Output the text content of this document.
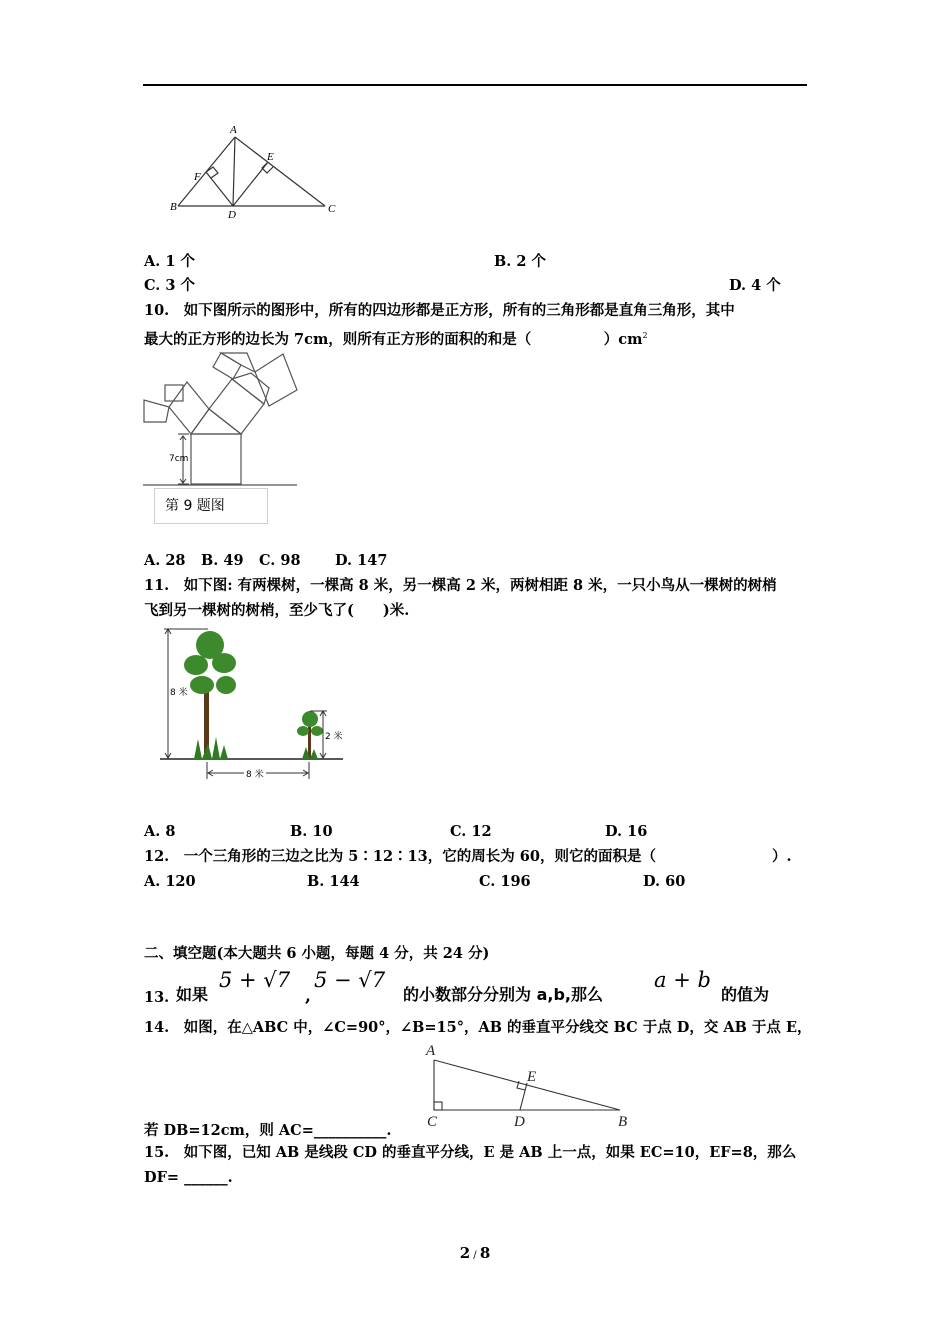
A
B	C
D
E
F
A. 1 个	B. 2 个
C. 3 个	D. 4 个
10.　如下图所示的图形中，所有的四边形都是正方形，所有的三角形都是直角三角形，其中
最大的正方形的边长为 7cm，则所有正方形的面积的和是（　　　　　）$cm^2$
7cm
第 9 题图
A. 28 B. 49 C. 98 D. 147
11.　如下图: 有两棵树，一棵高 8 米，另一棵高 2 米，两树相距 8 米，一只小鸟从一棵树的树梢
飞到另一棵树的树梢，至少飞了(　　)米.
8 米
2 米
8 米
A. 8	B. 10	C. 12	D. 16
12.　一个三角形的三边之比为 5∶12∶13，它的周长为 60，则它的面积是（　　　　　　　　）.
A. 120	B. 144	C. 196	D. 60
二、填空题(本大题共 6 小题，每题 4 分，共 24 分)
13. 如果
5 + √7
,
5 − √7
的小数部分分别为 a,b,那么
a + b
的值为
14.　如图，在△ABC 中，∠C=90°，∠B=15°，AB 的垂直平分线交 BC 于点 D，交 AB 于点 E，
A
B
C	D
E
若 DB=12cm，则 AC=__________.
15.　如下图，已知 AB 是线段 CD 的垂直平分线，E 是 AB 上一点，如果 EC=10，EF=8，那么
DF= ______.
2 / 8
